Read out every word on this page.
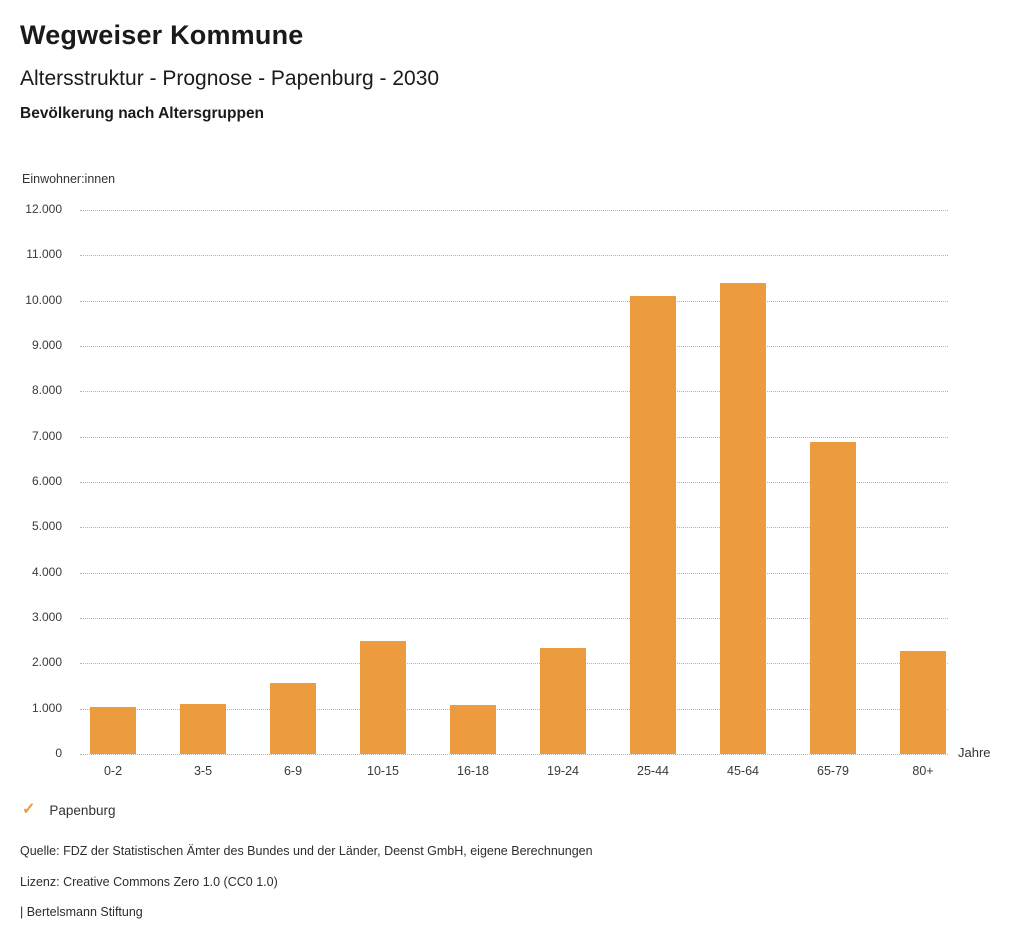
Wegweiser Kommune
Altersstruktur - Prognose - Papenburg - 2030
Bevölkerung nach Altersgruppen
Einwohner:innen
Jahre
0
1.000
2.000
3.000
4.000
5.000
6.000
7.000
8.000
9.000
10.000
11.000
12.000
0-2	3-5	6-9	10-15	16-18	19-24	25-44	45-64	65-79	80+
✓ Papenburg
Quelle: FDZ der Statistischen Ämter des Bundes und der Länder, Deenst GmbH, eigene Berechnungen
Lizenz: Creative Commons Zero 1.0 (CC0 1.0)
| Bertelsmann Stiftung
